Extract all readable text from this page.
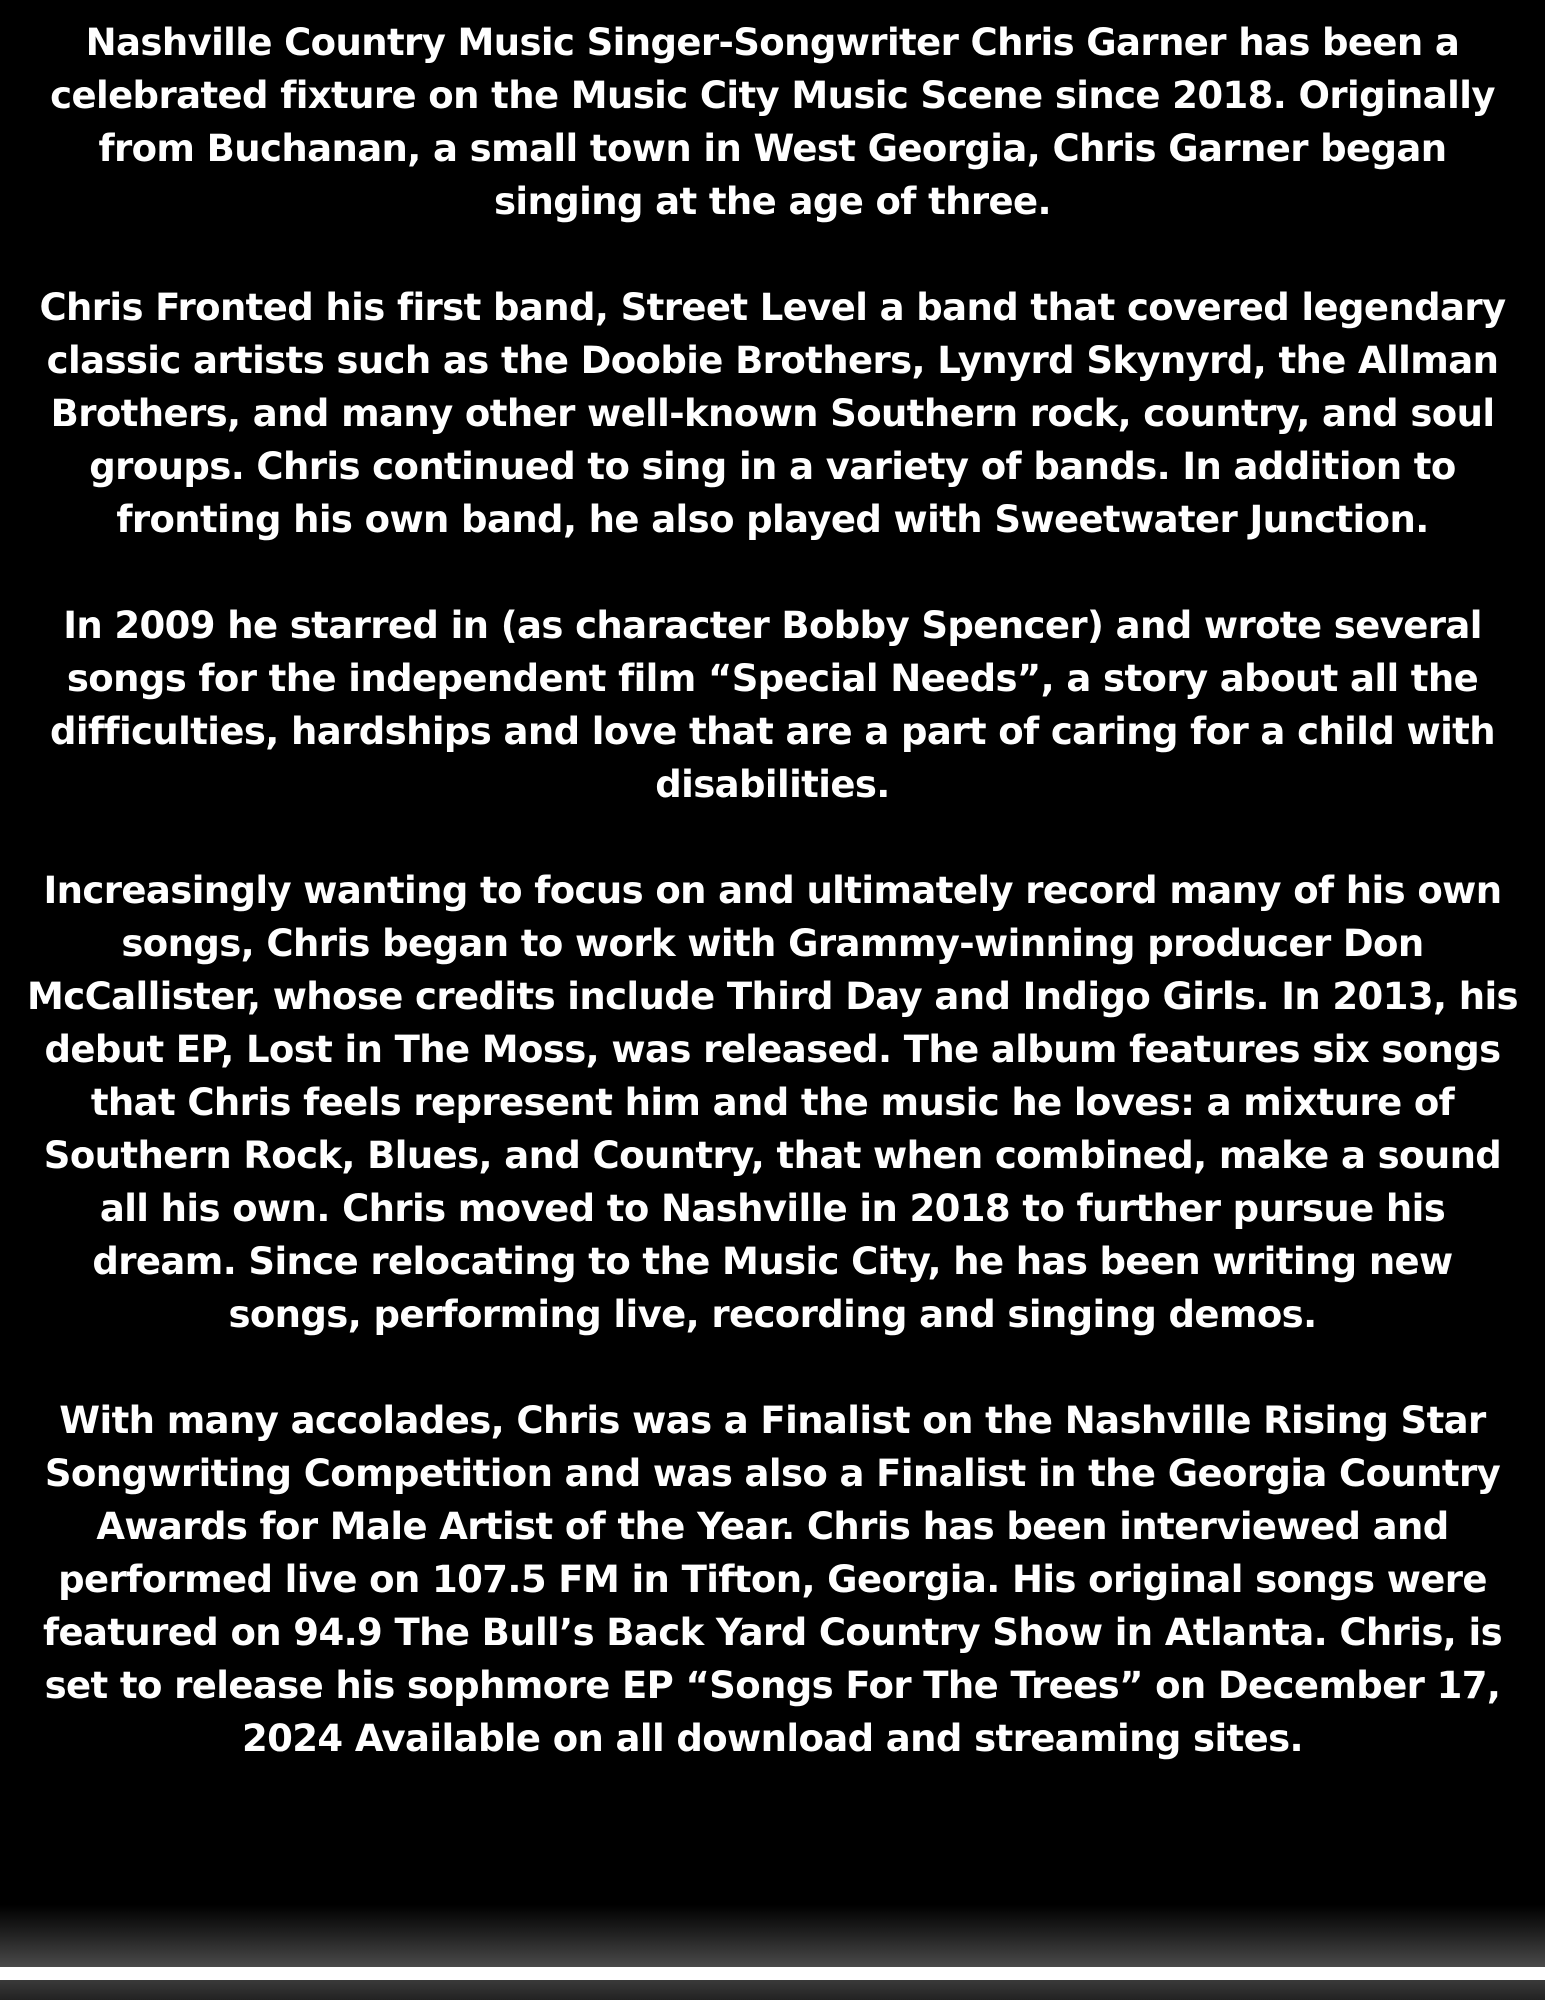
Nashville Country Music Singer-Songwriter Chris Garner has been a celebrated fixture on the Music City Music Scene since 2018. Originally from Buchanan, a small town in West Georgia, Chris Garner began singing at the age of three.

Chris Fronted his first band, Street Level a band that covered legendary classic artists such as the Doobie Brothers, Lynyrd Skynyrd, the Allman Brothers, and many other well-known Southern rock, country, and soul groups. Chris continued to sing in a variety of bands. In addition to fronting his own band, he also played with Sweetwater Junction.

In 2009 he starred in (as character Bobby Spencer) and wrote several songs for the independent film “Special Needs”, a story about all the difficulties, hardships and love that are a part of caring for a child with disabilities.

Increasingly wanting to focus on and ultimately record many of his own songs, Chris began to work with Grammy-winning producer Don McCallister, whose credits include Third Day and Indigo Girls. In 2013, his debut EP, Lost in The Moss, was released. The album features six songs that Chris feels represent him and the music he loves: a mixture of Southern Rock, Blues, and Country, that when combined, make a sound all his own. Chris moved to Nashville in 2018 to further pursue his dream. Since relocating to the Music City, he has been writing new songs, performing live, recording and singing demos.

With many accolades, Chris was a Finalist on the Nashville Rising Star Songwriting Competition and was also a Finalist in the Georgia Country Awards for Male Artist of the Year. Chris has been interviewed and performed live on 107.5 FM in Tifton, Georgia. His original songs were featured on 94.9 The Bull’s Back Yard Country Show in Atlanta. Chris, is set to release his sophmore EP “Songs For The Trees” on December 17, 2024 Available on all download and streaming sites.
